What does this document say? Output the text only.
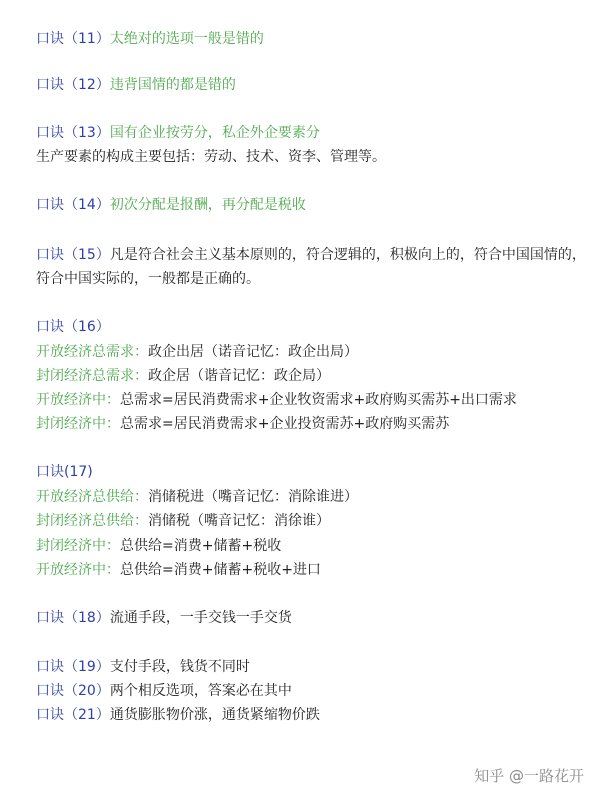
口诀（11）太绝对的选项一般是错的
口诀（12）违背国情的都是错的
口诀（13）国有企业按劳分，私企外企要素分
生产要素的构成主要包括：劳动、技术、资李、管理等。
口诀（14）初次分配是报酬，再分配是税收
口诀（15）凡是符合社会主义基本原则的，符合逻辑的，积极向上的，符合中国国情的，
符合中国实际的，一般都是正确的。
口诀（16）
开放经济总需求：政企出居（诺音记忆：政企出局）
封闭经济总需求：政企居（谐音记忆：政企局）
开放经济中：总需求=居民消费需求+企业牧资需求+政府购买需苏+出口需求
封闭经济中：总需求=居民消费需求+企业投资需苏+政府购买需苏
口诀(17)
开放经济总供给：消储税进（嘴音记忆：消除谁进）
封闭经济总供给：消储税（嘴音记忆：消徐谁）
封闭经济中：总供给=消费+储蓄+税收
开放经济中：总供给=消费+储蓄+税收+进口
口诀（18）流通手段，一手交钱一手交货
口诀（19）支付手段，钱货不同时
口诀（20）两个相反选项，答案必在其中
口诀（21）通货膨胀物价涨，通货紧缩物价跌
知乎 @一路花开
